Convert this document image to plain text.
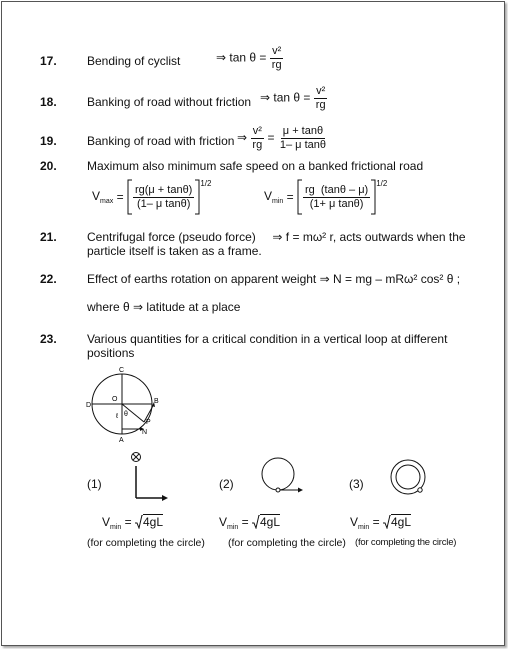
17.	Bending of cyclist	⇒ $\tan \theta = \frac{\text{v²}}{rg}$
18.	Banking of road without friction ⇒ $\tan \theta = \frac{\text{v²}}{rg}$
19.	Banking of road with friction ⇒ $\frac{\text{v²}}{rg} = \frac{\mu + \tan\theta}{\text{1– μ tanθ}}$
20.	Maximum also minimum safe speed on a banked frictional road
$V_{max} = \frac{rg(\mu + \tan\theta)}{\text{(1– μ tanθ)}} ^{1/2}$
$V_{min} = \frac{rg (\tan\theta - \mu)}{\text{(1+ μ tanθ)}} ^{1/2}$
21.	Centrifugal force (pseudo force)     ⇒ f = mω² r, acts outwards when the
particle itself is taken as a frame.
22.	Effect of earths rotation on apparent weight ⇒ N = mg – mRω² cos² θ ;
where θ ⇒ latitude at a place
23.	Various quantities for a critical condition in a vertical loop at different
positions
C
D
O	B
A
P
N
ℓ θ
(1)	(2)	(3)
$V_{min} = 4gL$	$V_{min} = 4gL$	$V_{min} = 4gL$
(for completing the circle) (for completing the circle) (for completing the circle)
